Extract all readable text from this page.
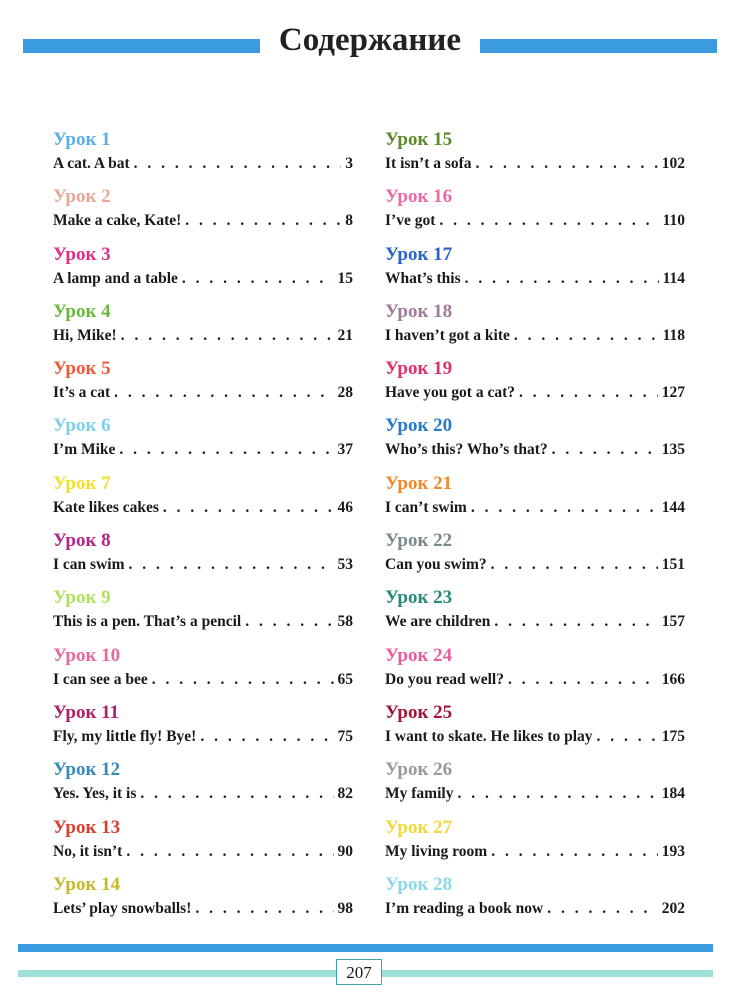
Содержание
Урок 1
A cat. A bat . . .	3
Урок 2
Make a cake, Kate! . . .	8
Урок 3
A lamp and a table . . .	15
Урок 4
Hi, Mike! . . .	21
Урок 5
It’s a cat . . .	28
Урок 6
I’m Mike . . .	37
Урок 7
Kate likes cakes . . .	46
Урок 8
I can swim . . .	53
Урок 9
This is a pen. That’s a pencil . . .	58
Урок 10
I can see a bee . . .	65
Урок 11
Fly, my little fly! Bye! . . .	75
Урок 12
Yes. Yes, it is . . .	82
Урок 13
No, it isn’t . . .	90
Урок 14
Lets’ play snowballs! . . .	98
Урок 15
It isn’t a sofa . . .	102
Урок 16
I’ve got . . .	110
Урок 17
What’s this . . .	114
Урок 18
I haven’t got a kite . . .	118
Урок 19
Have you got a cat? . . .	127
Урок 20
Who’s this? Who’s that? . . .	135
Урок 21
I can’t swim . . .	144
Урок 22
Can you swim? . . .	151
Урок 23
We are children . . .	157
Урок 24
Do you read well? . . .	166
Урок 25
I want to skate. He likes to play . . .	175
Урок 26
My family . . .	184
Урок 27
My living room . . .	193
Урок 28
I’m reading a book now . . .	202
207
